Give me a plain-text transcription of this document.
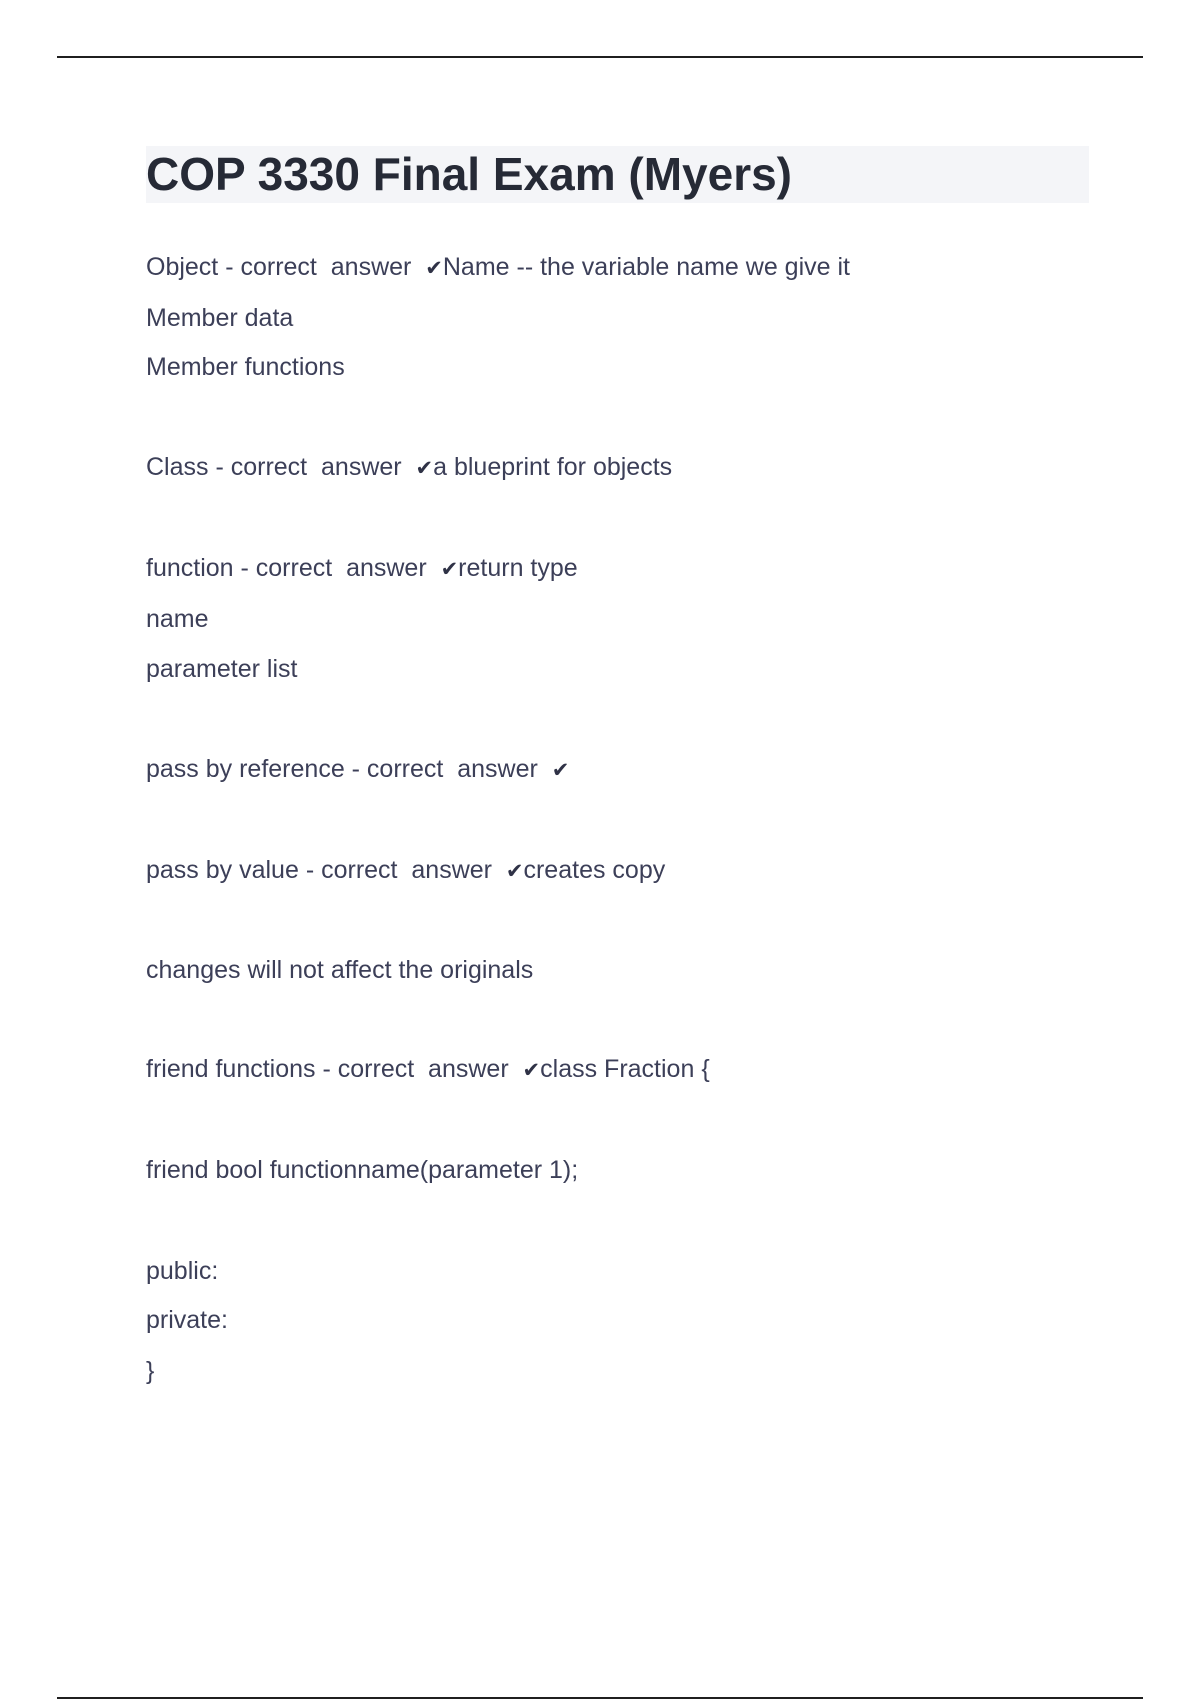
COP 3330 Final Exam (Myers)
Object - correct  answer  ✔Name -- the variable name we give it
Member data
Member functions
Class - correct  answer  ✔a blueprint for objects
function - correct  answer  ✔return type
name
parameter list
pass by reference - correct  answer  ✔
pass by value - correct  answer  ✔creates copy
changes will not affect the originals
friend functions - correct  answer  ✔class Fraction {
friend bool functionname(parameter 1);
public:
private:
}
